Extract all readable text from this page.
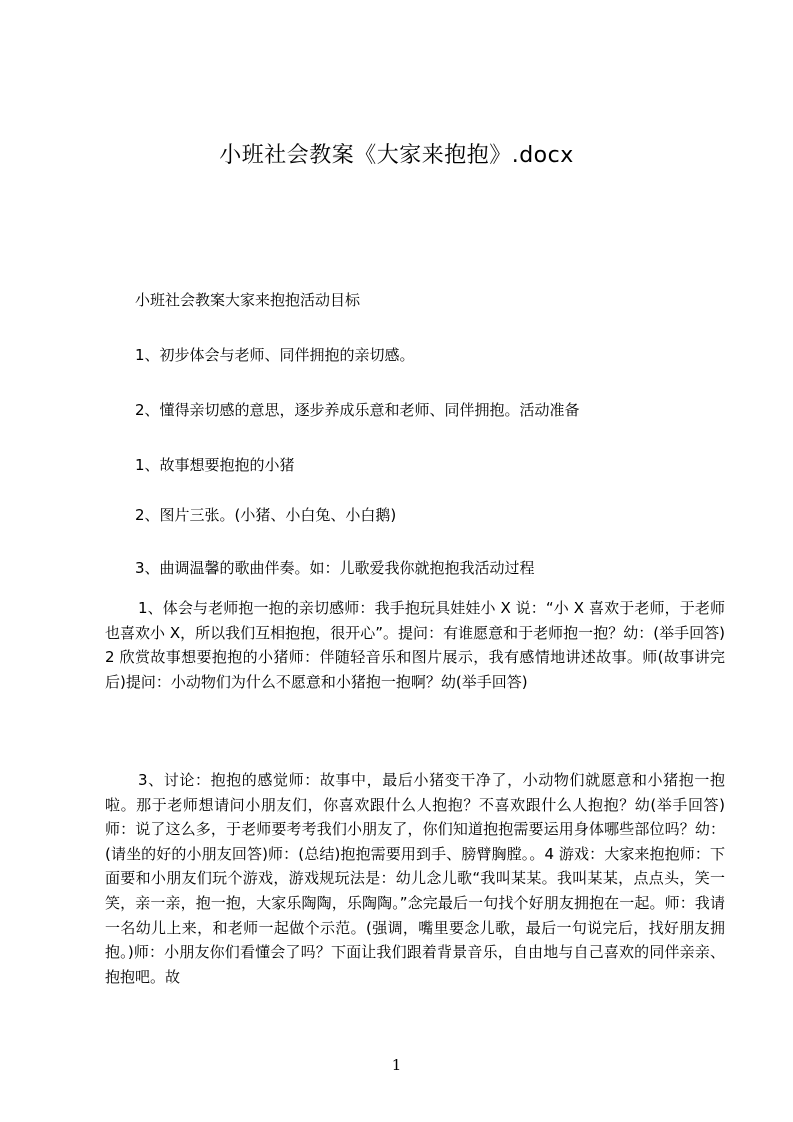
小班社会教案《大家来抱抱》.docx
小班社会教案大家来抱抱活动目标
1、初步体会与老师、同伴拥抱的亲切感。
2、懂得亲切感的意思，逐步养成乐意和老师、同伴拥抱。活动准备
1、故事想要抱抱的小猪
2、图片三张。(小猪、小白兔、小白鹅)
3、曲调温馨的歌曲伴奏。如：儿歌爱我你就抱抱我活动过程
1、体会与老师抱一抱的亲切感师：我手抱玩具娃娃小 X 说：“小 X 喜欢于老师，于老师也喜欢小 X，所以我们互相抱抱，很开心”。提问：有谁愿意和于老师抱一抱？幼：(举手回答)2 欣赏故事想要抱抱的小猪师：伴随轻音乐和图片展示，我有感情地讲述故事。师(故事讲完后)提问：小动物们为什么不愿意和小猪抱一抱啊？幼(举手回答)
3、讨论：抱抱的感觉师：故事中，最后小猪变干净了，小动物们就愿意和小猪抱一抱啦。那于老师想请问小朋友们，你喜欢跟什么人抱抱？不喜欢跟什么人抱抱？幼(举手回答)师：说了这么多，于老师要考考我们小朋友了，你们知道抱抱需要运用身体哪些部位吗？幼：(请坐的好的小朋友回答)师：(总结)抱抱需要用到手、膀臂胸膛。。4 游戏：大家来抱抱师：下面要和小朋友们玩个游戏，游戏规玩法是：幼儿念儿歌“我叫某某。我叫某某，点点头，笑一笑，亲一亲，抱一抱，大家乐陶陶，乐陶陶。”念完最后一句找个好朋友拥抱在一起。师：我请一名幼儿上来，和老师一起做个示范。(强调，嘴里要念儿歌，最后一句说完后，找好朋友拥抱。)师：小朋友你们看懂会了吗？下面让我们跟着背景音乐，自由地与自己喜欢的同伴亲亲、抱抱吧。故
1
